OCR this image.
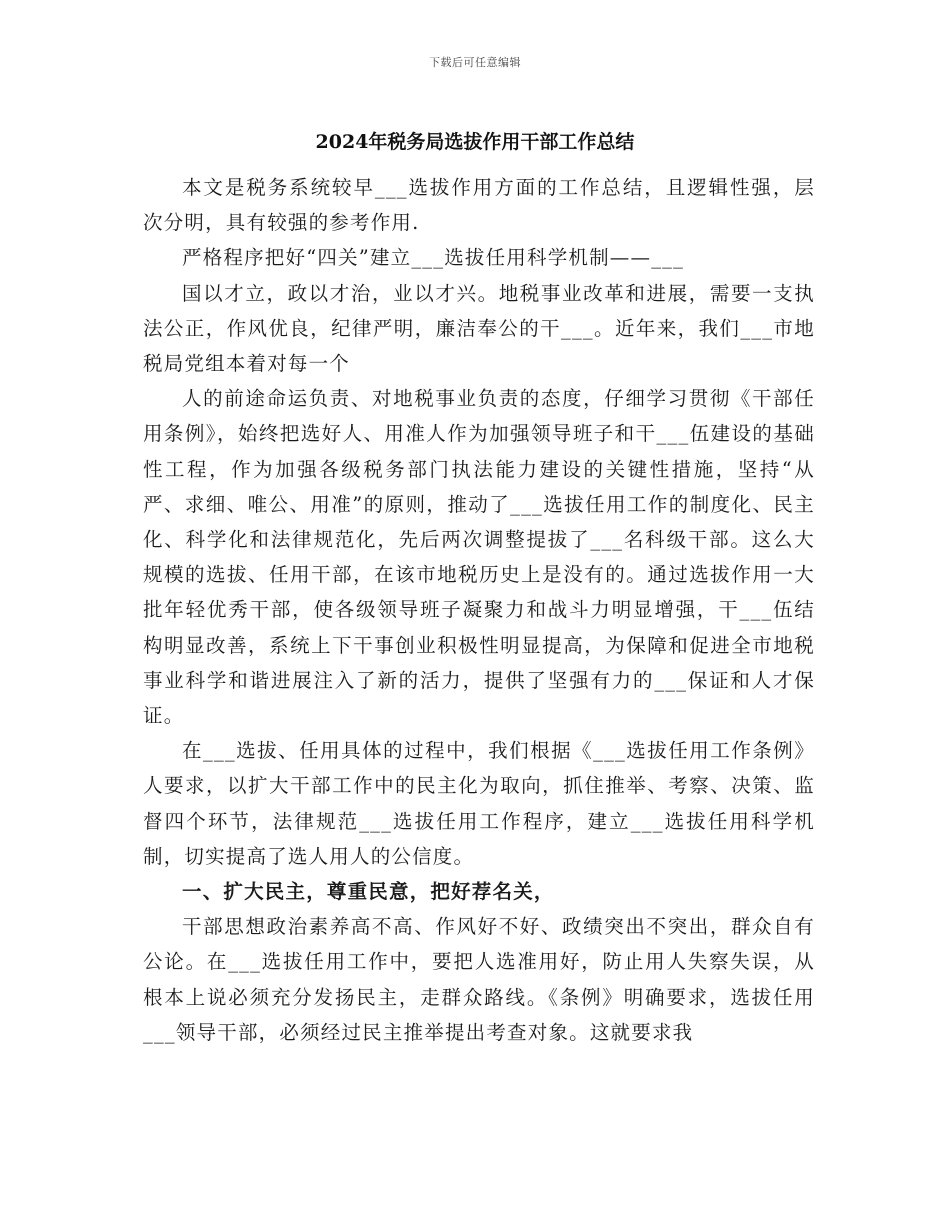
下载后可任意编辑
2024年税务局选拔作用干部工作总结

本文是税务系统较早___选拔作用方面的工作总结，且逻辑性强，层次分明，具有较强的参考作用.

严格程序把好“四关”建立___选拔任用科学机制——___

国以才立，政以才治，业以才兴。地税事业改革和进展，需要一支执法公正，作风优良，纪律严明，廉洁奉公的干___。近年来，我们___市地税局党组本着对每一个

人的前途命运负责、对地税事业负责的态度，仔细学习贯彻《干部任用条例》，始终把选好人、用准人作为加强领导班子和干___伍建设的基础性工程，作为加强各级税务部门执法能力建设的关键性措施，坚持“从严、求细、唯公、用准”的原则，推动了___选拔任用工作的制度化、民主化、科学化和法律规范化，先后两次调整提拔了___名科级干部。这么大规模的选拔、任用干部，在该市地税历史上是没有的。通过选拔作用一大批年轻优秀干部，使各级领导班子凝聚力和战斗力明显增强，干___伍结构明显改善，系统上下干事创业积极性明显提高，为保障和促进全市地税事业科学和谐进展注入了新的活力，提供了坚强有力的___保证和人才保证。

在___选拔、任用具体的过程中，我们根据《___选拔任用工作条例》人要求，以扩大干部工作中的民主化为取向，抓住推举、考察、决策、监督四个环节，法律规范___选拔任用工作程序，建立___选拔任用科学机制，切实提高了选人用人的公信度。

一、扩大民主，尊重民意，把好荐名关，

干部思想政治素养高不高、作风好不好、政绩突出不突出，群众自有公论。在___选拔任用工作中，要把人选准用好，防止用人失察失误，从根本上说必须充分发扬民主，走群众路线。《条例》明确要求，选拔任用___领导干部，必须经过民主推举提出考查对象。这就要求我
